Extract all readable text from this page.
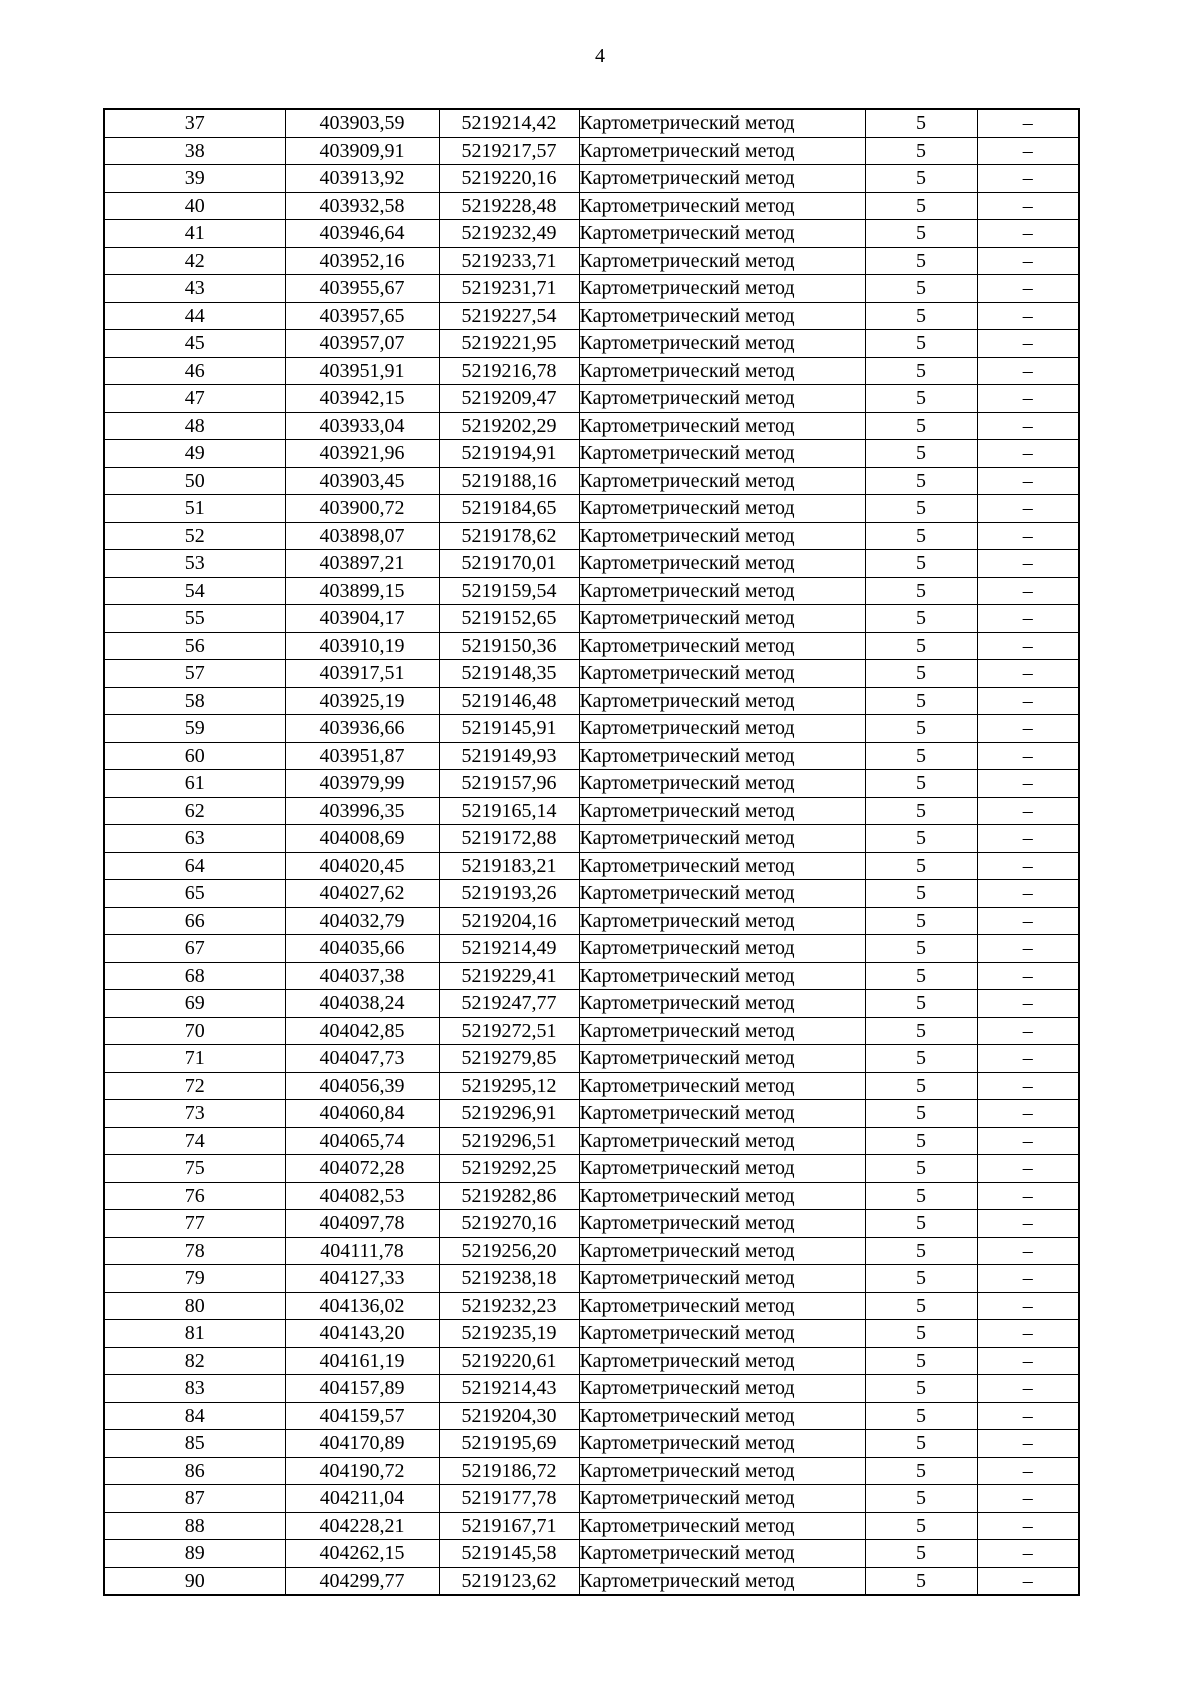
4
37	403903,59	5219214,42	Картометрический метод	5	–
38	403909,91	5219217,57	Картометрический метод	5	–
39	403913,92	5219220,16	Картометрический метод	5	–
40	403932,58	5219228,48	Картометрический метод	5	–
41	403946,64	5219232,49	Картометрический метод	5	–
42	403952,16	5219233,71	Картометрический метод	5	–
43	403955,67	5219231,71	Картометрический метод	5	–
44	403957,65	5219227,54	Картометрический метод	5	–
45	403957,07	5219221,95	Картометрический метод	5	–
46	403951,91	5219216,78	Картометрический метод	5	–
47	403942,15	5219209,47	Картометрический метод	5	–
48	403933,04	5219202,29	Картометрический метод	5	–
49	403921,96	5219194,91	Картометрический метод	5	–
50	403903,45	5219188,16	Картометрический метод	5	–
51	403900,72	5219184,65	Картометрический метод	5	–
52	403898,07	5219178,62	Картометрический метод	5	–
53	403897,21	5219170,01	Картометрический метод	5	–
54	403899,15	5219159,54	Картометрический метод	5	–
55	403904,17	5219152,65	Картометрический метод	5	–
56	403910,19	5219150,36	Картометрический метод	5	–
57	403917,51	5219148,35	Картометрический метод	5	–
58	403925,19	5219146,48	Картометрический метод	5	–
59	403936,66	5219145,91	Картометрический метод	5	–
60	403951,87	5219149,93	Картометрический метод	5	–
61	403979,99	5219157,96	Картометрический метод	5	–
62	403996,35	5219165,14	Картометрический метод	5	–
63	404008,69	5219172,88	Картометрический метод	5	–
64	404020,45	5219183,21	Картометрический метод	5	–
65	404027,62	5219193,26	Картометрический метод	5	–
66	404032,79	5219204,16	Картометрический метод	5	–
67	404035,66	5219214,49	Картометрический метод	5	–
68	404037,38	5219229,41	Картометрический метод	5	–
69	404038,24	5219247,77	Картометрический метод	5	–
70	404042,85	5219272,51	Картометрический метод	5	–
71	404047,73	5219279,85	Картометрический метод	5	–
72	404056,39	5219295,12	Картометрический метод	5	–
73	404060,84	5219296,91	Картометрический метод	5	–
74	404065,74	5219296,51	Картометрический метод	5	–
75	404072,28	5219292,25	Картометрический метод	5	–
76	404082,53	5219282,86	Картометрический метод	5	–
77	404097,78	5219270,16	Картометрический метод	5	–
78	404111,78	5219256,20	Картометрический метод	5	–
79	404127,33	5219238,18	Картометрический метод	5	–
80	404136,02	5219232,23	Картометрический метод	5	–
81	404143,20	5219235,19	Картометрический метод	5	–
82	404161,19	5219220,61	Картометрический метод	5	–
83	404157,89	5219214,43	Картометрический метод	5	–
84	404159,57	5219204,30	Картометрический метод	5	–
85	404170,89	5219195,69	Картометрический метод	5	–
86	404190,72	5219186,72	Картометрический метод	5	–
87	404211,04	5219177,78	Картометрический метод	5	–
88	404228,21	5219167,71	Картометрический метод	5	–
89	404262,15	5219145,58	Картометрический метод	5	–
90	404299,77	5219123,62	Картометрический метод	5	–
